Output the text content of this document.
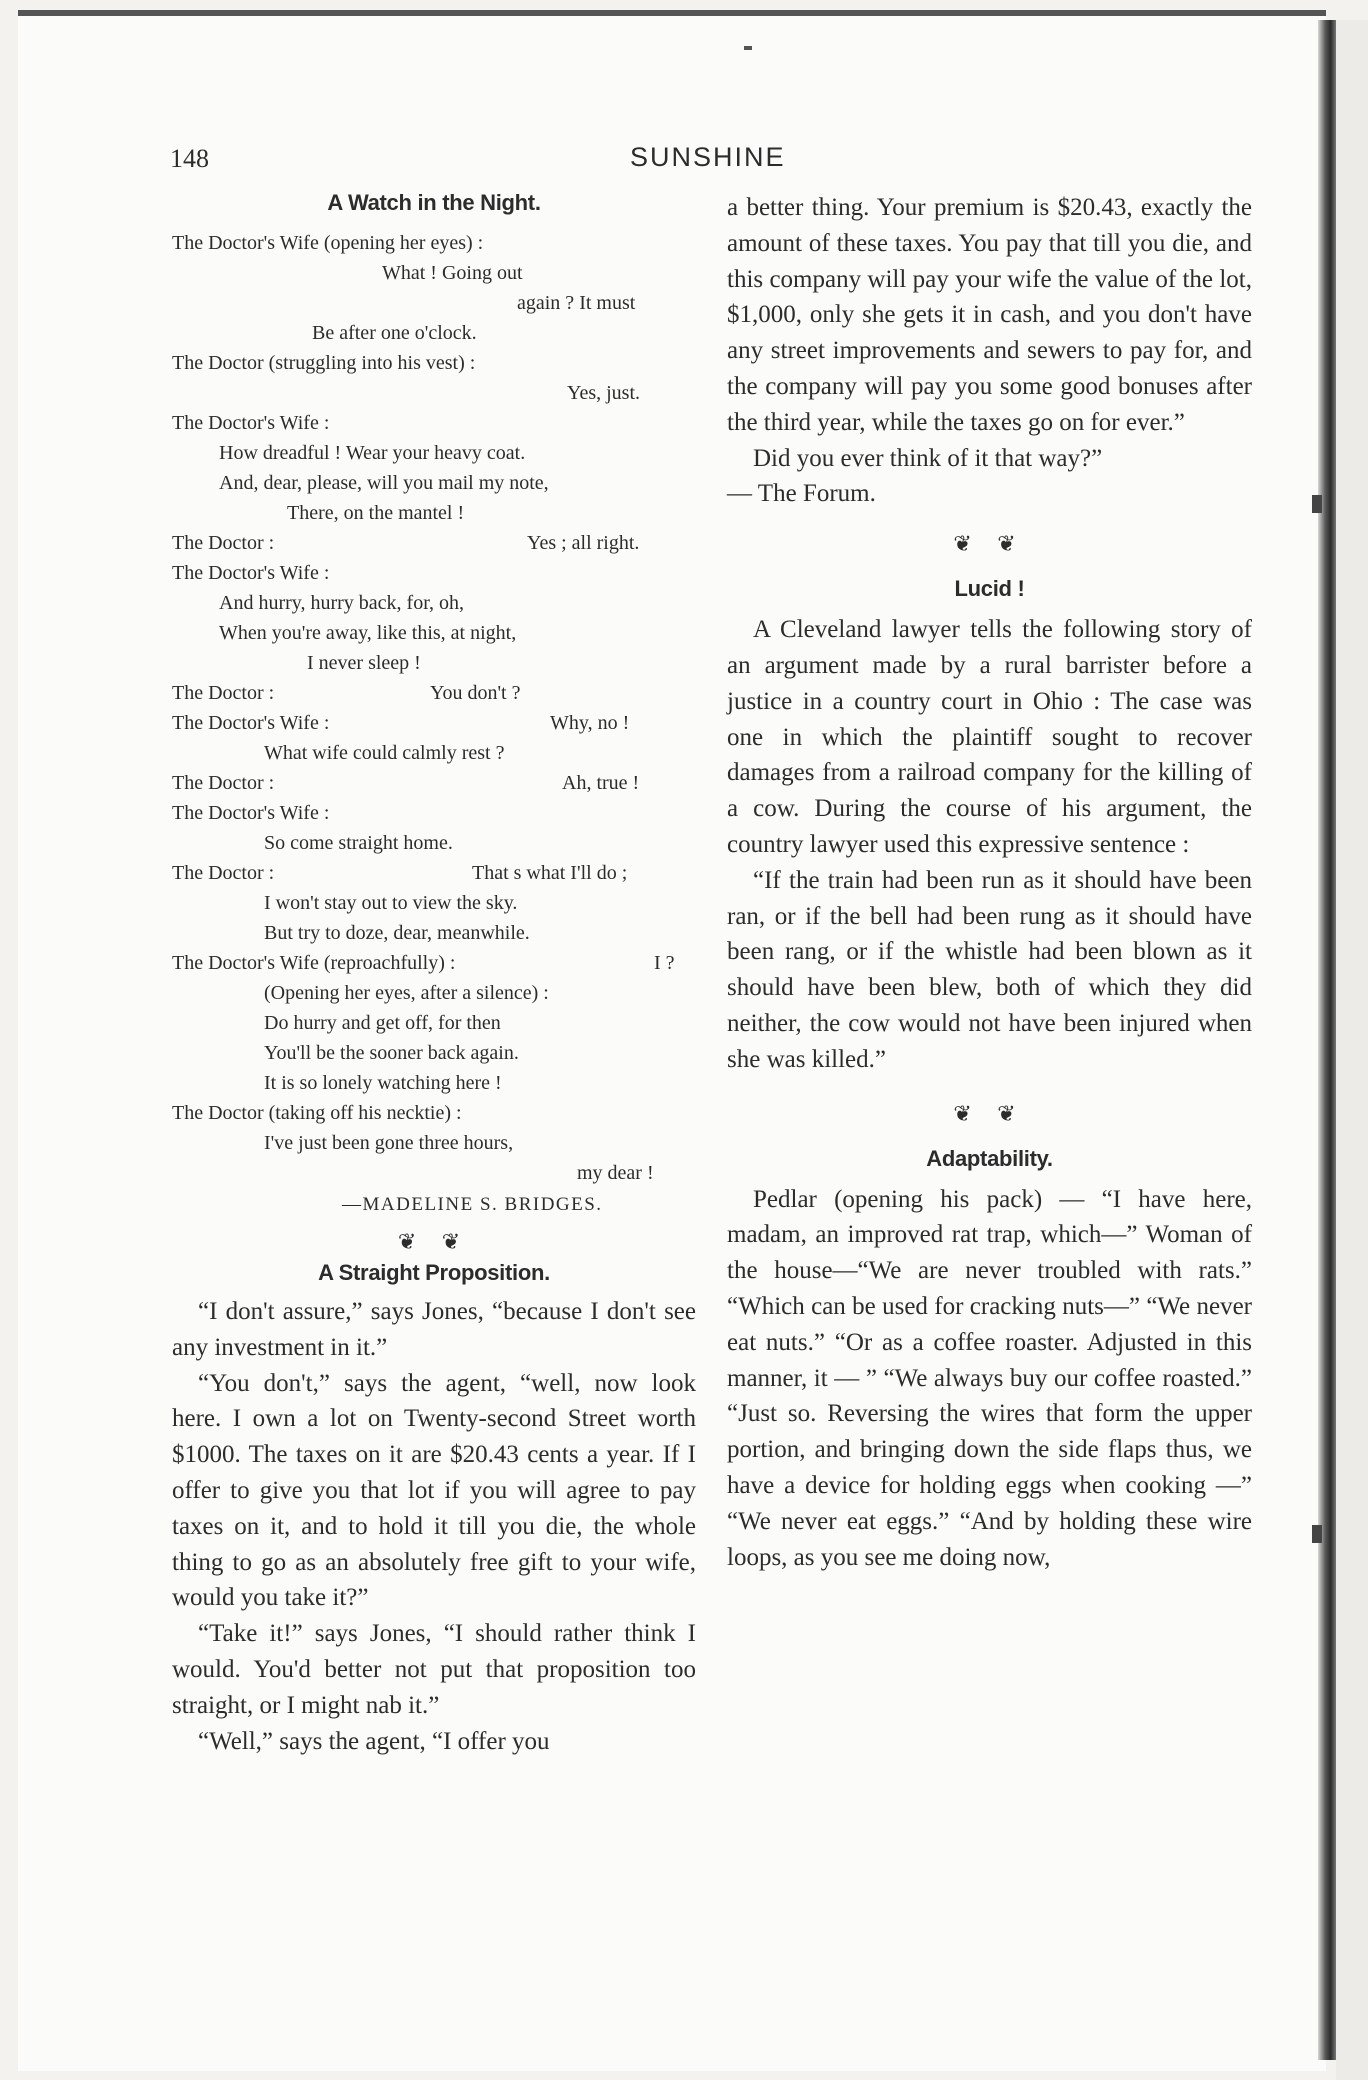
148	SUNSHINE
A Watch in the Night.
The Doctor's Wife (opening her eyes) :
What ! Going out
again ? It must
Be after one o'clock.
The Doctor (struggling into his vest) :
Yes, just.
The Doctor's Wife :
How dreadful ! Wear your heavy coat.
And, dear, please, will you mail my note,
There, on the mantel !
The Doctor :	Yes ; all right.
The Doctor's Wife :
And hurry, hurry back, for, oh,
When you're away, like this, at night,
I never sleep !
The Doctor :	You don't ?
The Doctor's Wife :	Why, no !
What wife could calmly rest ?
The Doctor :	Ah, true !
The Doctor's Wife :
So come straight home.
The Doctor :	That s what I'll do ;
I won't stay out to view the sky.
But try to doze, dear, meanwhile.
The Doctor's Wife (reproachfully) :	I ?
(Opening her eyes, after a silence) :
Do hurry and get off, for then
You'll be the sooner back again.
It is so lonely watching here !
The Doctor (taking off his necktie) :
I've just been gone three hours,
my dear !
—MADELINE S. BRIDGES.
❦ ❦
A Straight Proposition.

“I don't assure,” says Jones, “because I don't see any investment in it.”

“You don't,” says the agent, “well, now look here. I own a lot on Twenty-second Street worth $1000. The taxes on it are $20.43 cents a year. If I offer to give you that lot if you will agree to pay taxes on it, and to hold it till you die, the whole thing to go as an absolutely free gift to your wife, would you take it?”

“Take it!” says Jones, “I should rather think I would. You'd better not put that proposition too straight, or I might nab it.”

“Well,” says the agent, “I offer you

a better thing. Your premium is $20.43, exactly the amount of these taxes. You pay that till you die, and this company will pay your wife the value of the lot, $1,000, only she gets it in cash, and you don't have any street improvements and sewers to pay for, and the company will pay you some good bonuses after the third year, while the taxes go on for ever.”

Did you ever think of it that way?”

— The Forum.

❦ ❦
Lucid !

A Cleveland lawyer tells the following story of an argument made by a rural barrister before a justice in a country court in Ohio : The case was one in which the plaintiff sought to recover damages from a railroad company for the killing of a cow. During the course of his argument, the country lawyer used this expressive sentence :

“If the train had been run as it should have been ran, or if the bell had been rung as it should have been rang, or if the whistle had been blown as it should have been blew, both of which they did neither, the cow would not have been injured when she was killed.”

❦ ❦
Adaptability.

Pedlar (opening his pack) — “I have here, madam, an improved rat trap, which—” Woman of the house—“We are never troubled with rats.” “Which can be used for cracking nuts—” “We never eat nuts.” “Or as a coffee roaster. Adjusted in this manner, it — ” “We always buy our coffee roasted.” “Just so. Reversing the wires that form the upper portion, and bringing down the side flaps thus, we have a device for holding eggs when cooking —” “We never eat eggs.” “And by holding these wire loops, as you see me doing now,
